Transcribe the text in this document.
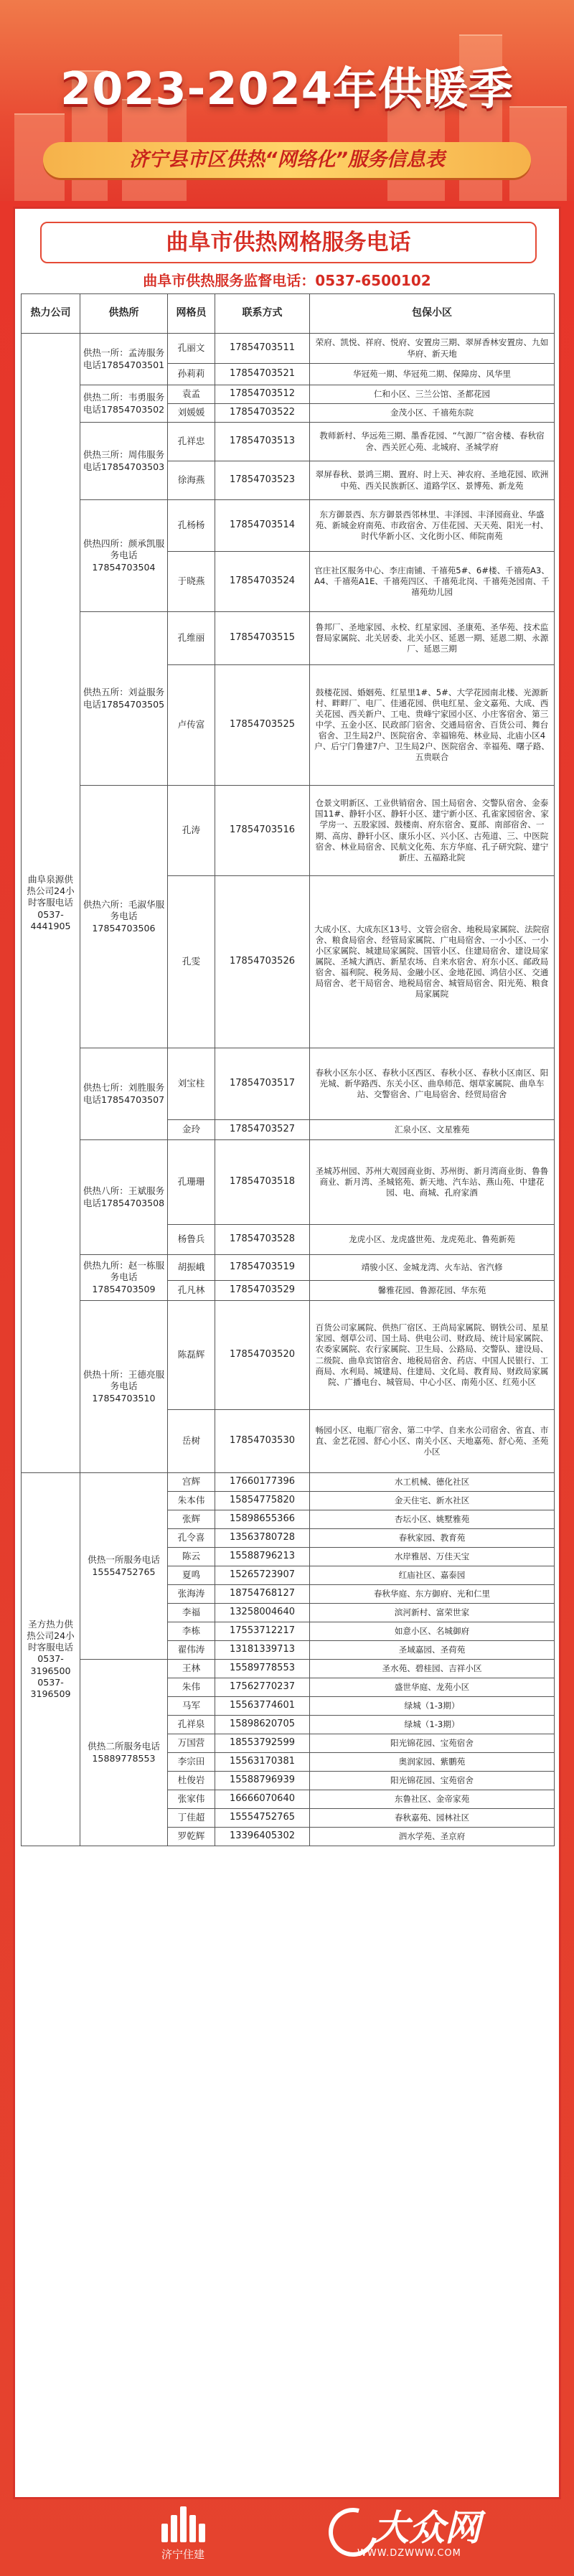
2023-2024年供暖季
济宁县市区供热“网络化”服务信息表
曲阜市供热网格服务电话
曲阜市供热服务监督电话：0537-6500102
热力公司	供热所	网格员	联系方式	包保小区
曲阜泉源供热公司24小时客服电话0537-4441905	供热一所：孟涛服务电话17854703501	孔丽文	17854703511	荣府、凯悦、祥府、悦府、安置房三期、翠屏香林安置房、九如华府、新天地
		孙莉莉	17854703521	华冠苑一期、华冠苑二期、保障房、风华里
	供热二所：韦勇服务电话17854703502	袁孟	17854703512	仁和小区、三兰公馆、圣都花园
		刘媛媛	17854703522	金茂小区、千禧苑东院
	供热三所：周伟服务电话17854703503	孔祥忠	17854703513	教师新村、华远苑三期、墨香花园、“气源厂”宿舍楼、春秋宿舍、西关匠心苑、北城府、圣城学府
		徐海燕	17854703523	翠屏春秋、景鸿三期、置府、时上天、神农府、圣地花园、欧洲中苑、西关民族新区、道路学区、景博苑、新龙苑
	供热四所：颜承凯服务电话17854703504	孔杨杨	17854703514	东方御景西、东方御景西邻林里、丰泽园、丰泽园商业、华盛苑、新城金府南苑、市政宿舍、万佳花园、天天苑、阳光一村、时代华新小区、文化街小区、师院南苑
		于晓燕	17854703524	官庄社区服务中心、李庄南铺、千禧苑5#、6#楼、千禧苑A3、A4、千禧苑A1E、千禧苑四区、千禧苑北岗、千禧苑尧园南、千禧苑幼儿园
	供热五所：刘益服务电话17854703505	孔维丽	17854703515	鲁邦厂、圣地家园、永校、红星家园、圣康苑、圣华苑、技术监督局家属院、北关居委、北关小区、延恩一期、延恩二期、永源厂、延恩三期
		卢传富	17854703525	鼓楼花园、婚姻苑、红星里1#、5#、大学花园南北楼、光源新村、畔畔厂、电厂、佳通花园、供电红星、金文嘉苑、大成、西关花园、西关新户、工电、贵峰宁家园小区、小庄客宿舍、第三中学、五金小区、民政部门宿舍、交通局宿舍、百货公司、舞台宿舍、卫生局2户、医院宿舍、幸福锦苑、林业局、北庙小区4户、后宁门鲁建7户、卫生局2户、医院宿舍、幸福苑、曙子路、五贵联合
	供热六所：毛淑华服务电话17854703506	孔涛	17854703516	仓景文明新区、工业供销宿舍、国土局宿舍、交警队宿舍、金泰国11#、静轩小区、静轩小区、建宁新小区、孔雀家园宿舍、家学房一、五股家园、鼓楼南、府东宿舍、夏部、南部宿舍、一期、高房、静轩小区、康乐小区、兴小区、古苑道、三、中医院宿舍、林业局宿舍、民航文化苑、东方华庭、孔子研究院、建宁新庄、五福路北院
		孔雯	17854703526	大成小区、大成东区13号、文管会宿舍、地税局家属院、法院宿舍、粮食局宿舍、经管局家属院、广电局宿舍、一小小区、一小小区家属院、城建局家属院、国管小区、住建局宿舍、建设局家属院、圣城大酒店、新星农场、自来水宿舍、府东小区、邮政局宿舍、福利院、税务局、金融小区、金地花园、鸿信小区、交通局宿舍、老干局宿舍、地税局宿舍、城管局宿舍、阳光苑、粮食局家属院
	供热七所：刘胜服务电话17854703507	刘宝柱	17854703517	春秋小区东小区、春秋小区西区、春秋小区、春秋小区南区、阳光城、新华路西、东关小区、曲阜师范、烟草家属院、曲阜车站、交警宿舍、广电局宿舍、经贸局宿舍
		金玲	17854703527	汇泉小区、文星雅苑
	供热八所：王斌服务电话17854703508	孔珊珊	17854703518	圣城苏州园、苏州大观园商业街、苏州街、新月湾商业街、鲁鲁商业、新月湾、圣城铭苑、新天地、汽车站、燕山苑、中建花园、电、商城、孔府家酒
		杨鲁兵	17854703528	龙虎小区、龙虎盛世苑、龙虎苑北、鲁苑新苑
	供热九所：赵一栋服务电话17854703509	胡振峨	17854703519	靖骏小区、金城龙湾、火车站、省汽修
		孔凡林	17854703529	馨雅花园、鲁源花园、华东苑
	供热十所：王德亮服务电话17854703510	陈磊辉	17854703520	百货公司家属院、供热厂宿区、王尚局家属院、钢铁公司、星星家园、烟草公司、国土局、供电公司、财政局、统计局家属院、农委家属院、农行家属院、卫生局、公路局、交警队、建设局、二级院、曲阜宾馆宿舍、地税局宿舍、药店、中国人民银行、工商局、水利局、城建局、住建局、文化局、教育局、财政局家属院、广播电台、城管局、中心小区、南苑小区、红苑小区
		岳树	17854703530	畅园小区、电瓶厂宿舍、第二中学、自来水公司宿舍、省直、市直、金艺花园、舒心小区、南关小区、天地嘉苑、舒心苑、圣苑小区
圣方热力供热公司24小时客服电话0537-3196500 0537-3196509	供热一所服务电话15554752765	宫辉	17660177396	水工机械、德化社区
		朱本伟	15854775820	金天住宅、新水社区
		张辉	15898655366	杏坛小区、姚墅雅苑
		孔令喜	13563780728	春秋家园、教育苑
		陈云	15588796213	水岸雅居、万佳天宝
		夏鸣	15265723907	红庙社区、嘉泰园
		张海涛	18754768127	春秋华庭、东方御府、光和仁里
		李福	13258004640	滨河新村、富荣世家
		李栋	17553712217	如意小区、名城御府
		翟伟涛	13181339713	圣域嘉园、圣荷苑
	供热二所服务电话15889778553	王林	15589778553	圣水苑、碧桂园、吉祥小区
		朱伟	17562770237	盛世华庭、龙苑小区
		马军	15563774601	绿城（1-3期）
		孔祥泉	15898620705	绿城（1-3期）
		万国营	18553792599	阳光锦花园、宝苑宿舍
		李宗田	15563170381	奥润家园、紫鹏苑
		杜俊岩	15588796939	阳光锦花园、宝苑宿舍
		张家伟	16666070640	东鲁社区、金帝家苑
		丁佳超	15554752765	春秋嘉苑、园林社区
		罗乾辉	13396405302	泗水学苑、圣京府
济宁住建
大众网
WWW.DZWWW.COM
